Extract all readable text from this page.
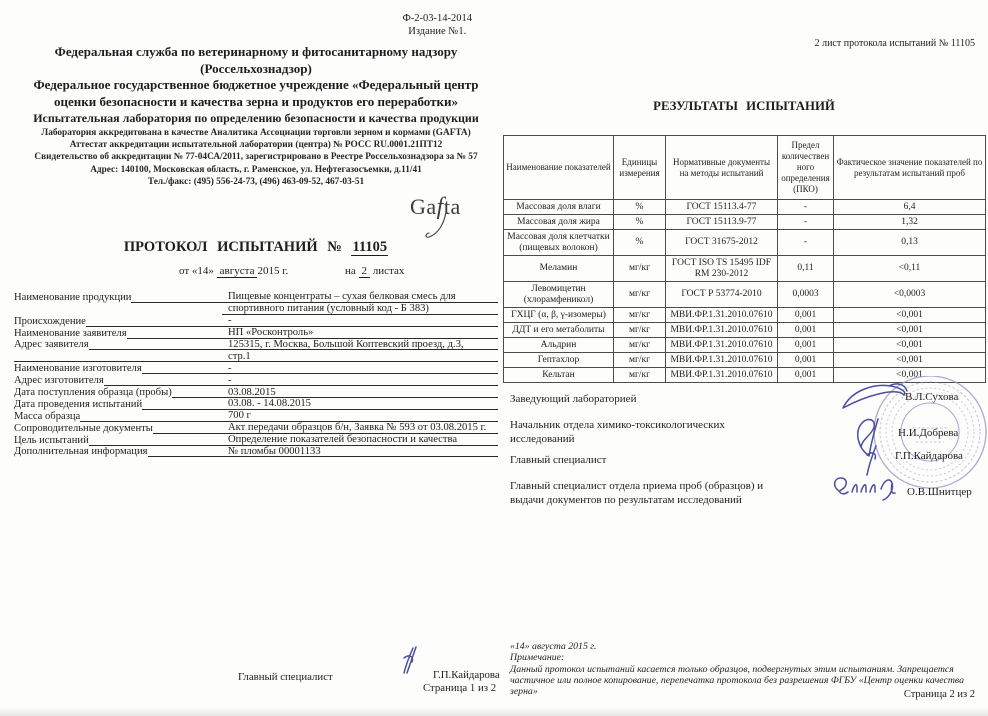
Ф-2-03-14-2014
Издание №1.
Федеральная служба по ветеринарному и фитосанитарному надзору
(Россельхознадзор)
Федеральное государственное бюджетное учреждение «Федеральный центр оценки безопасности и качества зерна и продуктов его переработки»
Испытательная лаборатория по определению безопасности и качества продукции
Лаборатория аккредитована в качестве Аналитика Ассоциации торговли зерном и кормами (GAFTA)
Аттестат аккредитации испытательной лаборатории (центра) № РОСС RU.0001.21ПТ12
Свидетельство об аккредитации № 77-04СА/2011, зарегистрировано в Реестре Россельхознадзора за № 57
Адрес: 140100, Московская область, г. Раменское, ул. Нефтегазосъемки, д.11/41
Тел./факс: (495) 556-24-73, (496) 463-09-52, 467-03-51
Gafta
ПРОТОКОЛ ИСПЫТАНИЙ № 11105
от «14» августа 2015 г.	на 2 листах
Наименование продукции	Пищевые концентраты – сухая белковая смесь для
спортивного питания (условный код - Б 383)
Происхождение	-
Наименование заявителя	НП «Росконтроль»
Адрес заявителя	125315, г. Москва, Большой Коптевский проезд, д.3,
стр.1
Наименование изготовителя	-
Адрес изготовителя	-
Дата поступления образца (пробы)	03.08.2015
Дата проведения испытаний	03.08. - 14.08.2015
Масса образца	700 г
Сопроводительные документы	Акт передачи образцов б/н, Заявка № 593 от 03.08.2015 г.
Цель испытаний	Определение показателей безопасности и качества
Дополнительная информация	№ пломбы 00001133
Главный специалист	Г.П.Кайдарова
Страница 1 из 2
2 лист протокола испытаний № 11105
РЕЗУЛЬТАТЫ ИСПЫТАНИЙ
Наименование показателей	Единицы измерения	Нормативные документы на методы испытаний	Предел количественного определения (ПКО)	Фактическое значение показателей по результатам испытаний проб
Массовая доля влаги	%	ГОСТ 15113.4-77	-	6,4
Массовая доля жира	%	ГОСТ 15113.9-77	-	1,32
Массовая доля клетчатки (пищевых волокон)	%	ГОСТ 31675-2012	-	0,13
Меламин	мг/кг	ГОСТ ISO TS 15495 IDF RM 230-2012	0,11	<0,11
Левомицетин (хлорамфеникол)	мг/кг	ГОСТ Р 53774-2010	0,0003	<0,0003
ГХЦГ (α, β, γ-изомеры)	мг/кг	МВИ.ФР.1.31.2010.07610	0,001	<0,001
ДДТ и его метаболиты	мг/кг	МВИ.ФР.1.31.2010.07610	0,001	<0,001
Альдрин	мг/кг	МВИ.ФР.1.31.2010.07610	0,001	<0,001
Гептахлор	мг/кг	МВИ.ФР.1.31.2010.07610	0,001	<0,001
Кельтан	мг/кг	МВИ.ФР.1.31.2010.07610	0,001	<0,001
Заведующий лабораторией
Начальник отдела химико-токсикологических исследований
Главный специалист
Главный специалист отдела приема проб (образцов) и выдачи документов по результатам исследований
В.Л.Сухова
Н.И.Добрева
Г.П.Кайдарова
О.В.Шнитцер

«14» августа 2015 г.

Примечание:

Данный протокол испытаний касается только образцов, подвергнутых этим испытаниям. Запрещается частичное или полное копирование, перепечатка протокола без разрешения ФГБУ «Центр оценки качества зерна»	Страница 2 из 2
